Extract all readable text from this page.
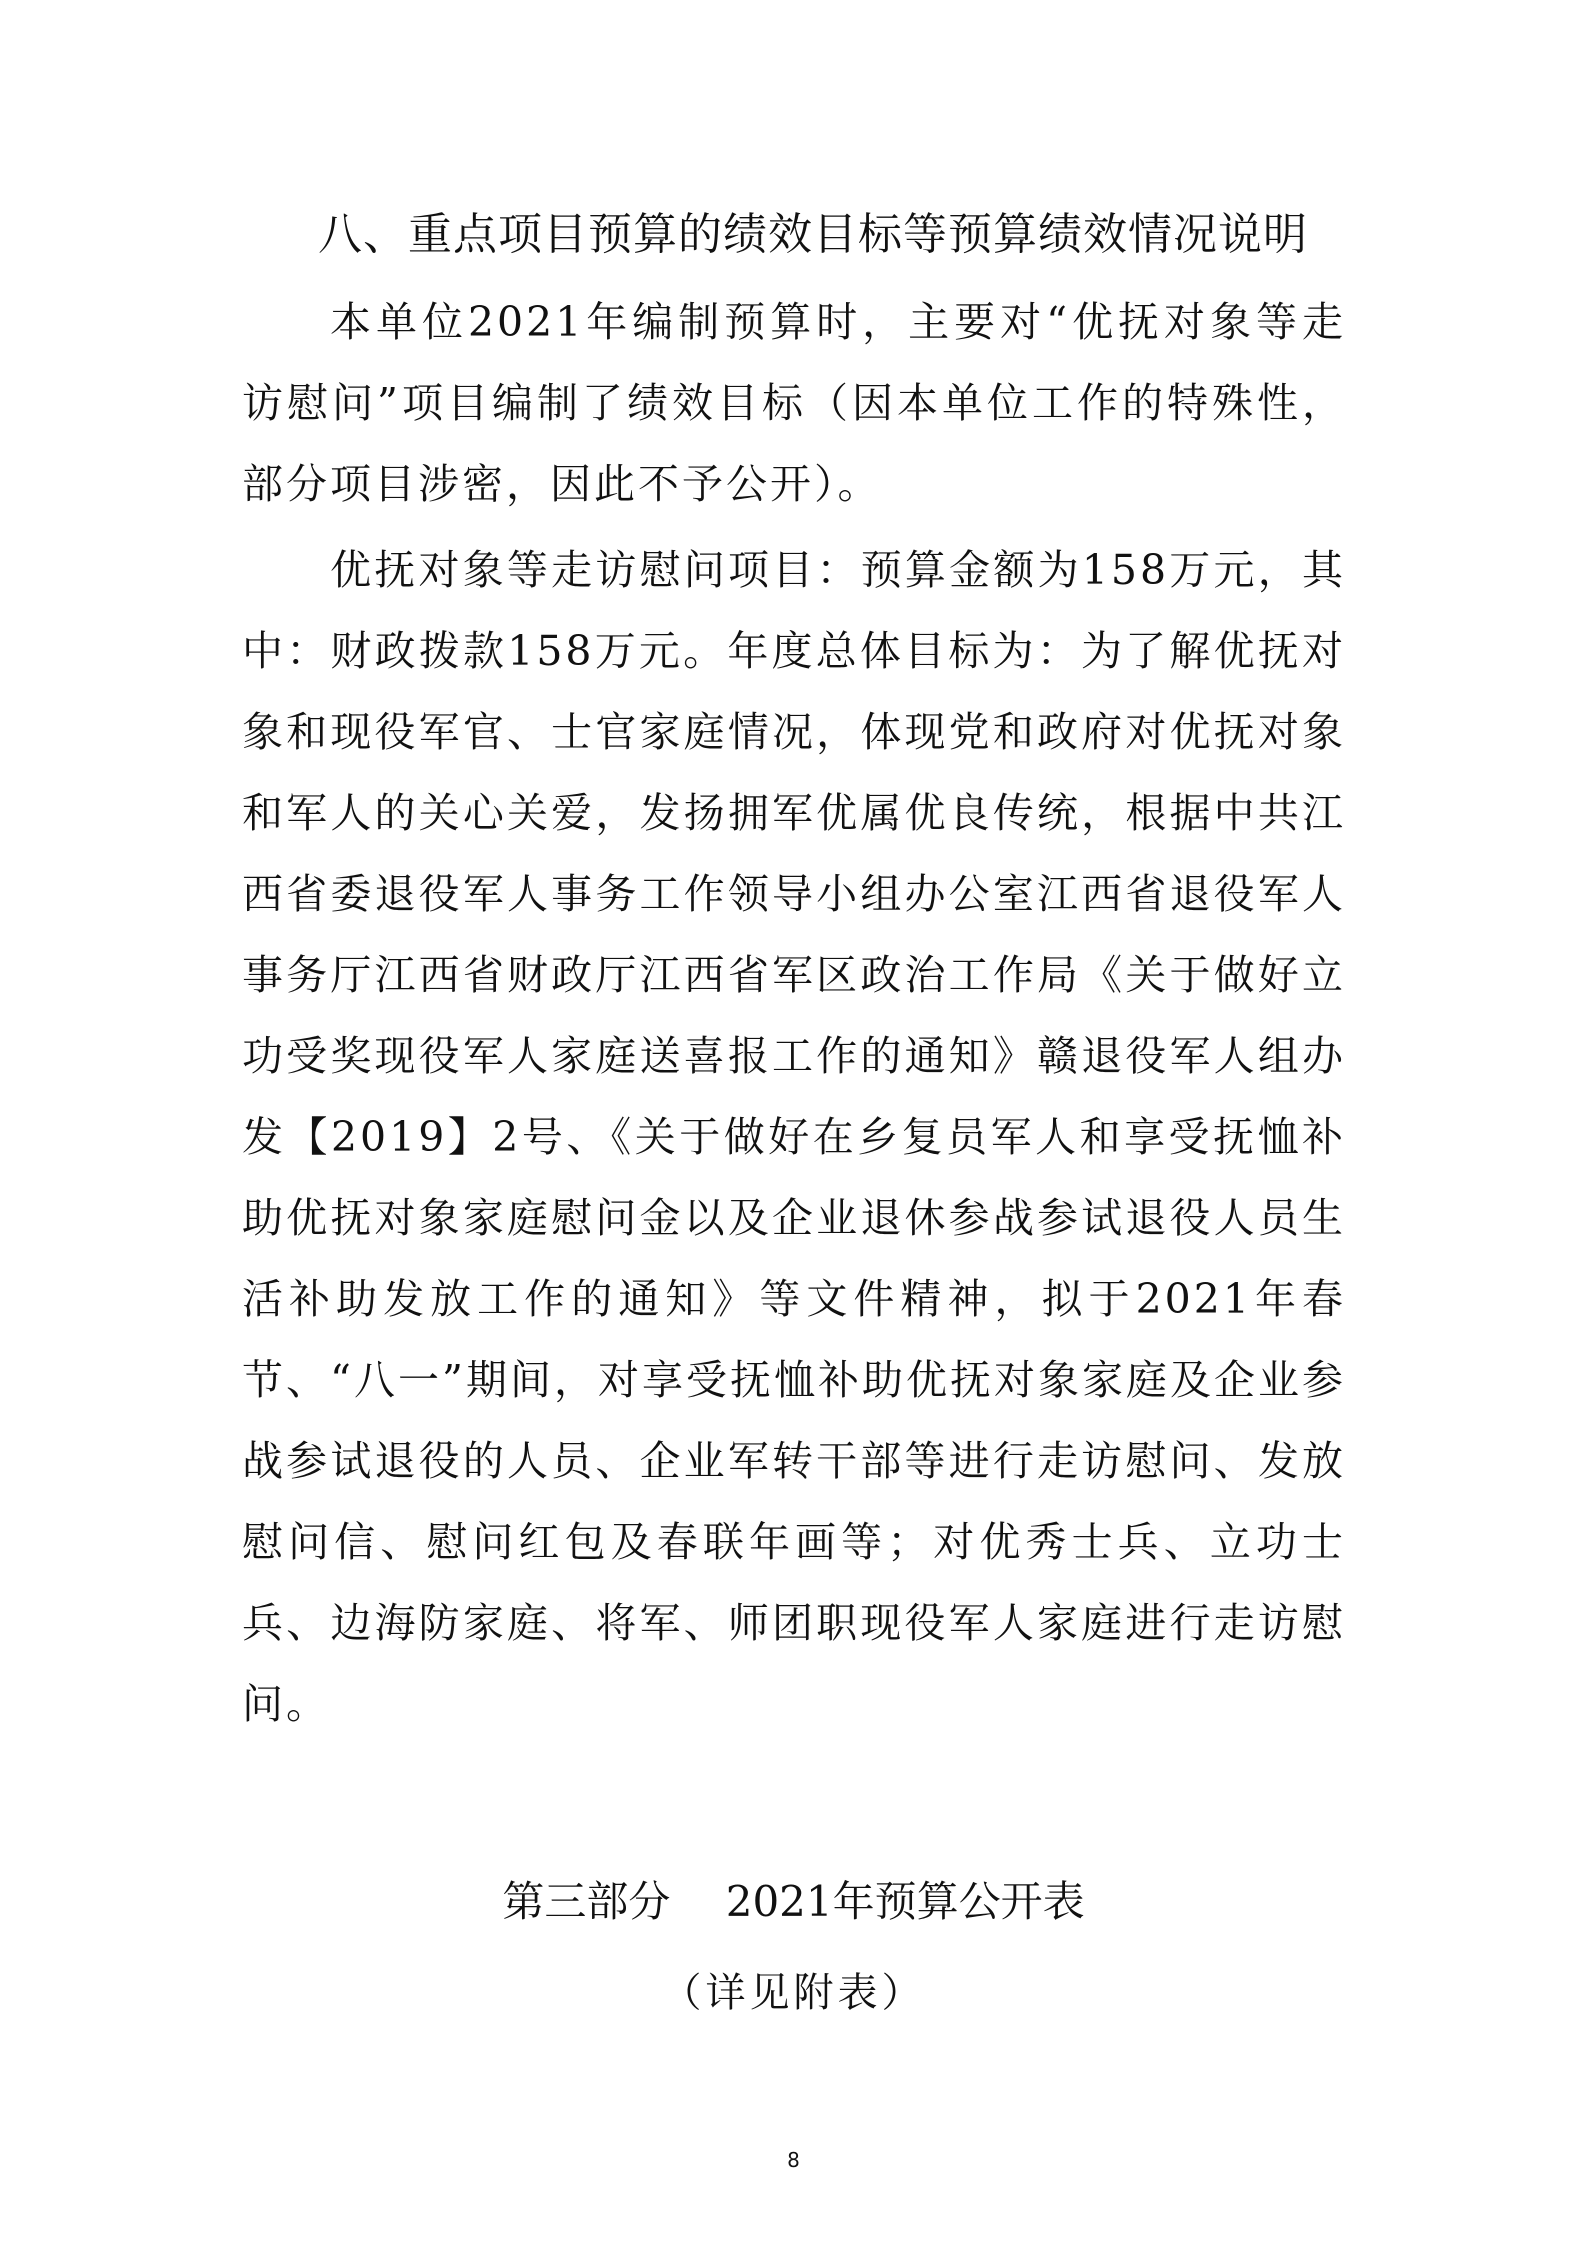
八、重点项目预算的绩效目标等预算绩效情况说明

本单位2021年编制预算时，主要对“优抚对象等走访慰问”项目编制了绩效目标（因本单位工作的特殊性，部分项目涉密，因此不予公开）。

优抚对象等走访慰问项目：预算金额为158万元，其中：财政拨款158万元。年度总体目标为：为了解优抚对象和现役军官、士官家庭情况，体现党和政府对优抚对象和军人的关心关爱，发扬拥军优属优良传统，根据中共江西省委退役军人事务工作领导小组办公室江西省退役军人事务厅江西省财政厅江西省军区政治工作局《关于做好立功受奖现役军人家庭送喜报工作的通知》赣退役军人组办发【2019】2号、《关于做好在乡复员军人和享受抚恤补助优抚对象家庭慰问金以及企业退休参战参试退役人员生活补助发放工作的通知》等文件精神，拟于2021年春节、“八一”期间，对享受抚恤补助优抚对象家庭及企业参战参试退役的人员、企业军转干部等进行走访慰问、发放慰问信、慰问红包及春联年画等；对优秀士兵、立功士兵、边海防家庭、将军、师团职现役军人家庭进行走访慰问。

第三部分　 2021年预算公开表
（详见附表）
8
